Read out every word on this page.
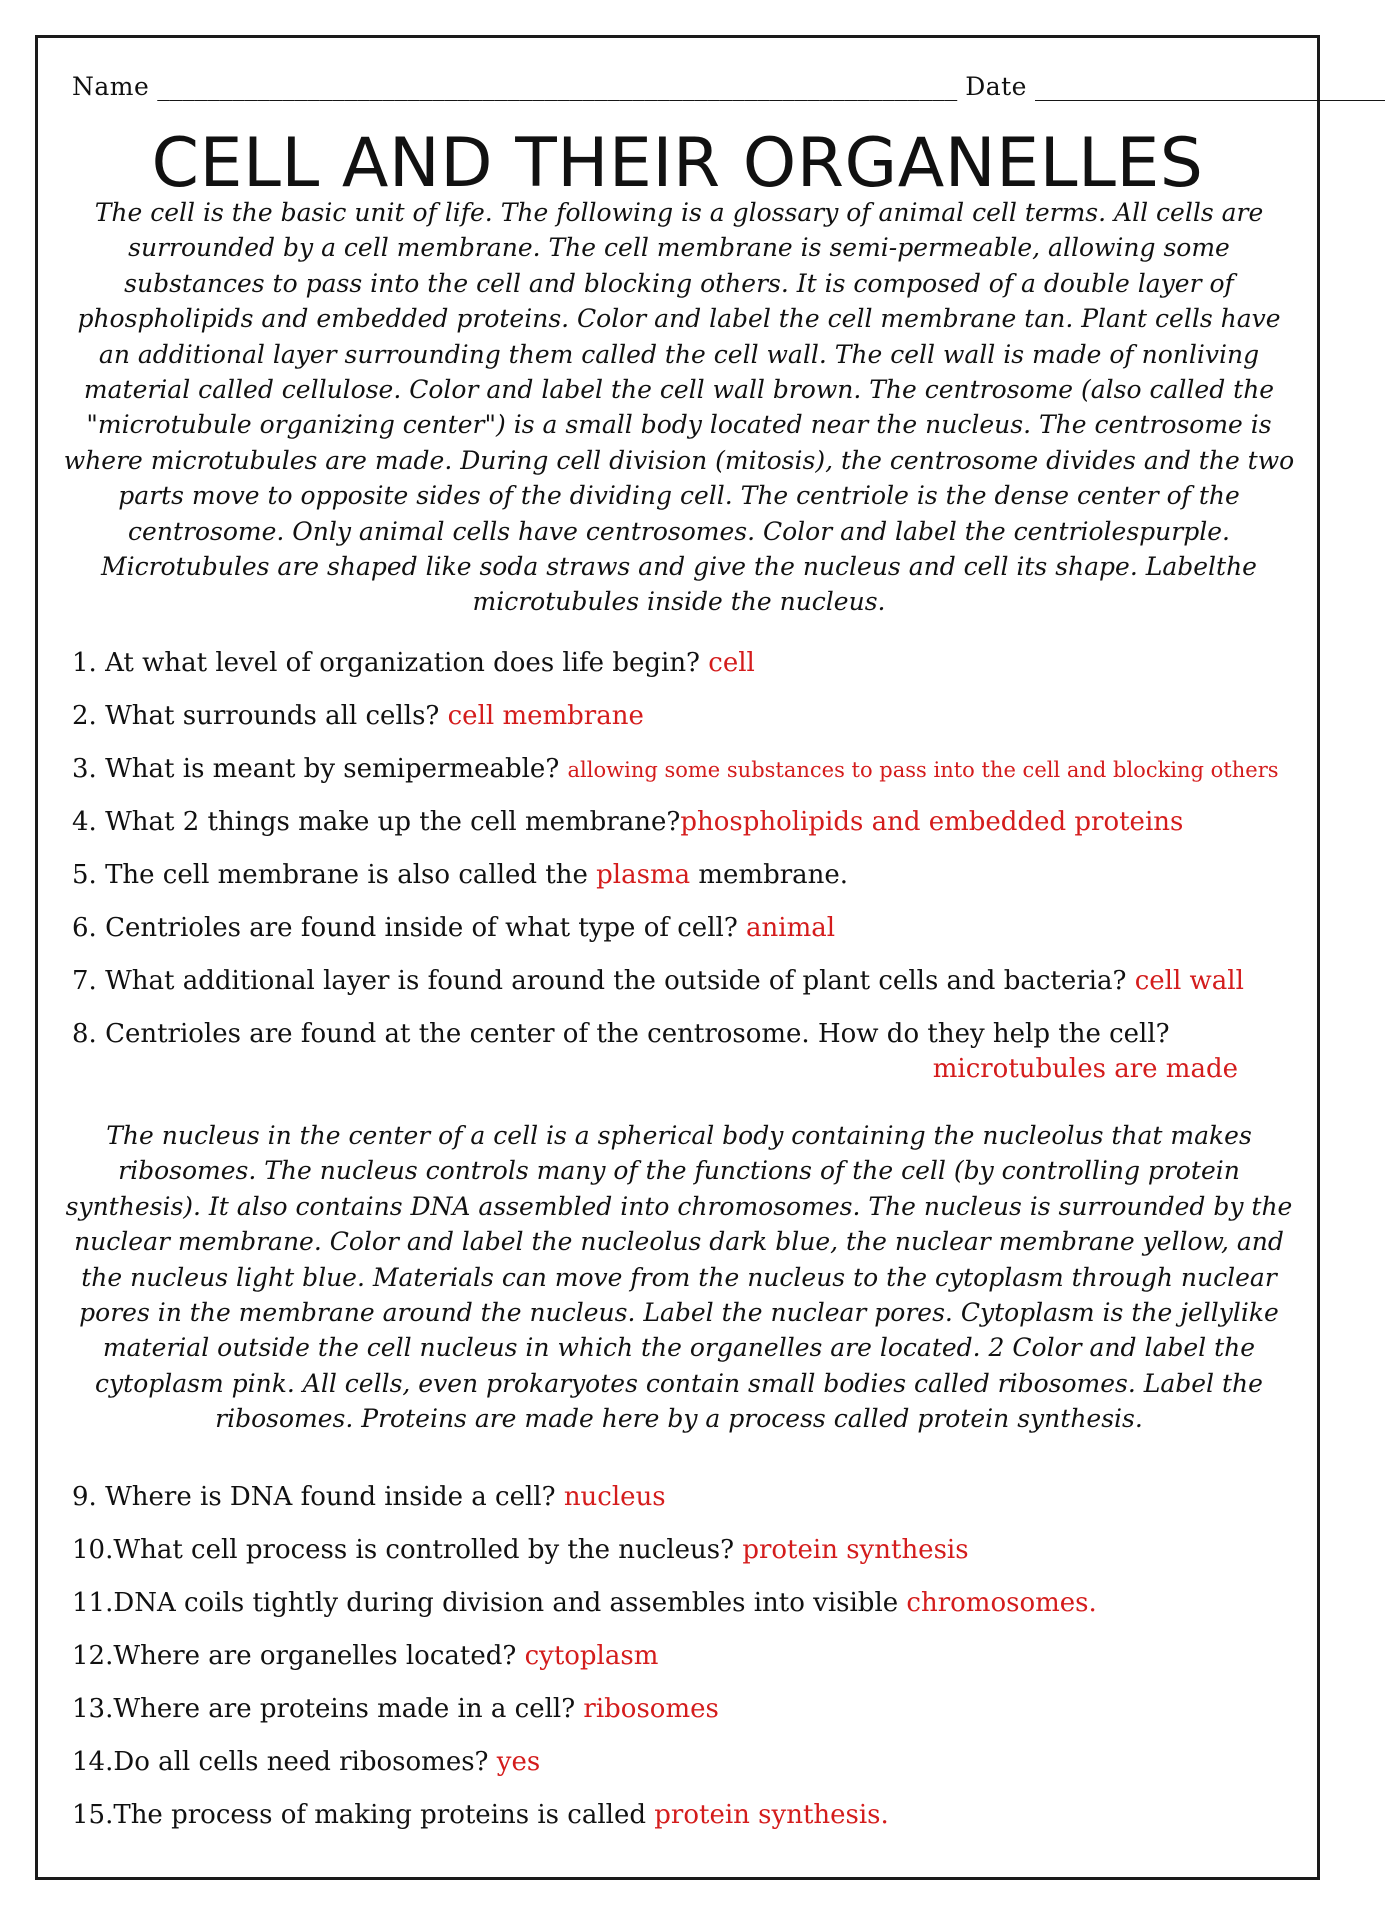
Name ________________________________________________________________ Date ____________________________
CELL AND THEIR ORGANELLES
The cell is the basic unit of life. The following is a glossary of animal cell terms. All cells are surrounded by a cell membrane. The cell membrane is semi-permeable, allowing some substances to pass into the cell and blocking others. It is composed of a double layer of phospholipids and embedded proteins. Color and label the cell membrane tan. Plant cells have an additional layer surrounding them called the cell wall. The cell wall is made of nonliving material called cellulose. Color and label the cell wall brown. The centrosome (also called the "microtubule organizing center") is a small body located near the nucleus. The centrosome is where microtubules are made. During cell division (mitosis), the centrosome divides and the two parts move to opposite sides of the dividing cell. The centriole is the dense center of the centrosome. Only animal cells have centrosomes. Color and label the centriolespurple. Microtubules are shaped like soda straws and give the nucleus and cell its shape. Labelthe microtubules inside the nucleus.
1. At what level of organization does life begin? cell
2. What surrounds all cells? cell membrane
3. What is meant by semipermeable? allowing some substances to pass into the cell and blocking others
4. What 2 things make up the cell membrane?phospholipids and embedded proteins
5. The cell membrane is also called the plasma membrane.
6. Centrioles are found inside of what type of cell? animal
7. What additional layer is found around the outside of plant cells and bacteria? cell wall
8. Centrioles are found at the center of the centrosome. How do they help the cell?
microtubules are made
The nucleus in the center of a cell is a spherical body containing the nucleolus that makes ribosomes. The nucleus controls many of the functions of the cell (by controlling protein synthesis). It also contains DNA assembled into chromosomes. The nucleus is surrounded by the nuclear membrane. Color and label the nucleolus dark blue, the nuclear membrane yellow, and the nucleus light blue. Materials can move from the nucleus to the cytoplasm through nuclear pores in the membrane around the nucleus. Label the nuclear pores. Cytoplasm is the jellylike material outside the cell nucleus in which the organelles are located. 2 Color and label the cytoplasm pink. All cells, even prokaryotes contain small bodies called ribosomes. Label the ribosomes. Proteins are made here by a process called protein synthesis.
9. Where is DNA found inside a cell? nucleus
10.What cell process is controlled by the nucleus? protein synthesis
11.DNA coils tightly during division and assembles into visible chromosomes.
12.Where are organelles located? cytoplasm
13.Where are proteins made in a cell? ribosomes
14.Do all cells need ribosomes? yes
15.The process of making proteins is called protein synthesis.
